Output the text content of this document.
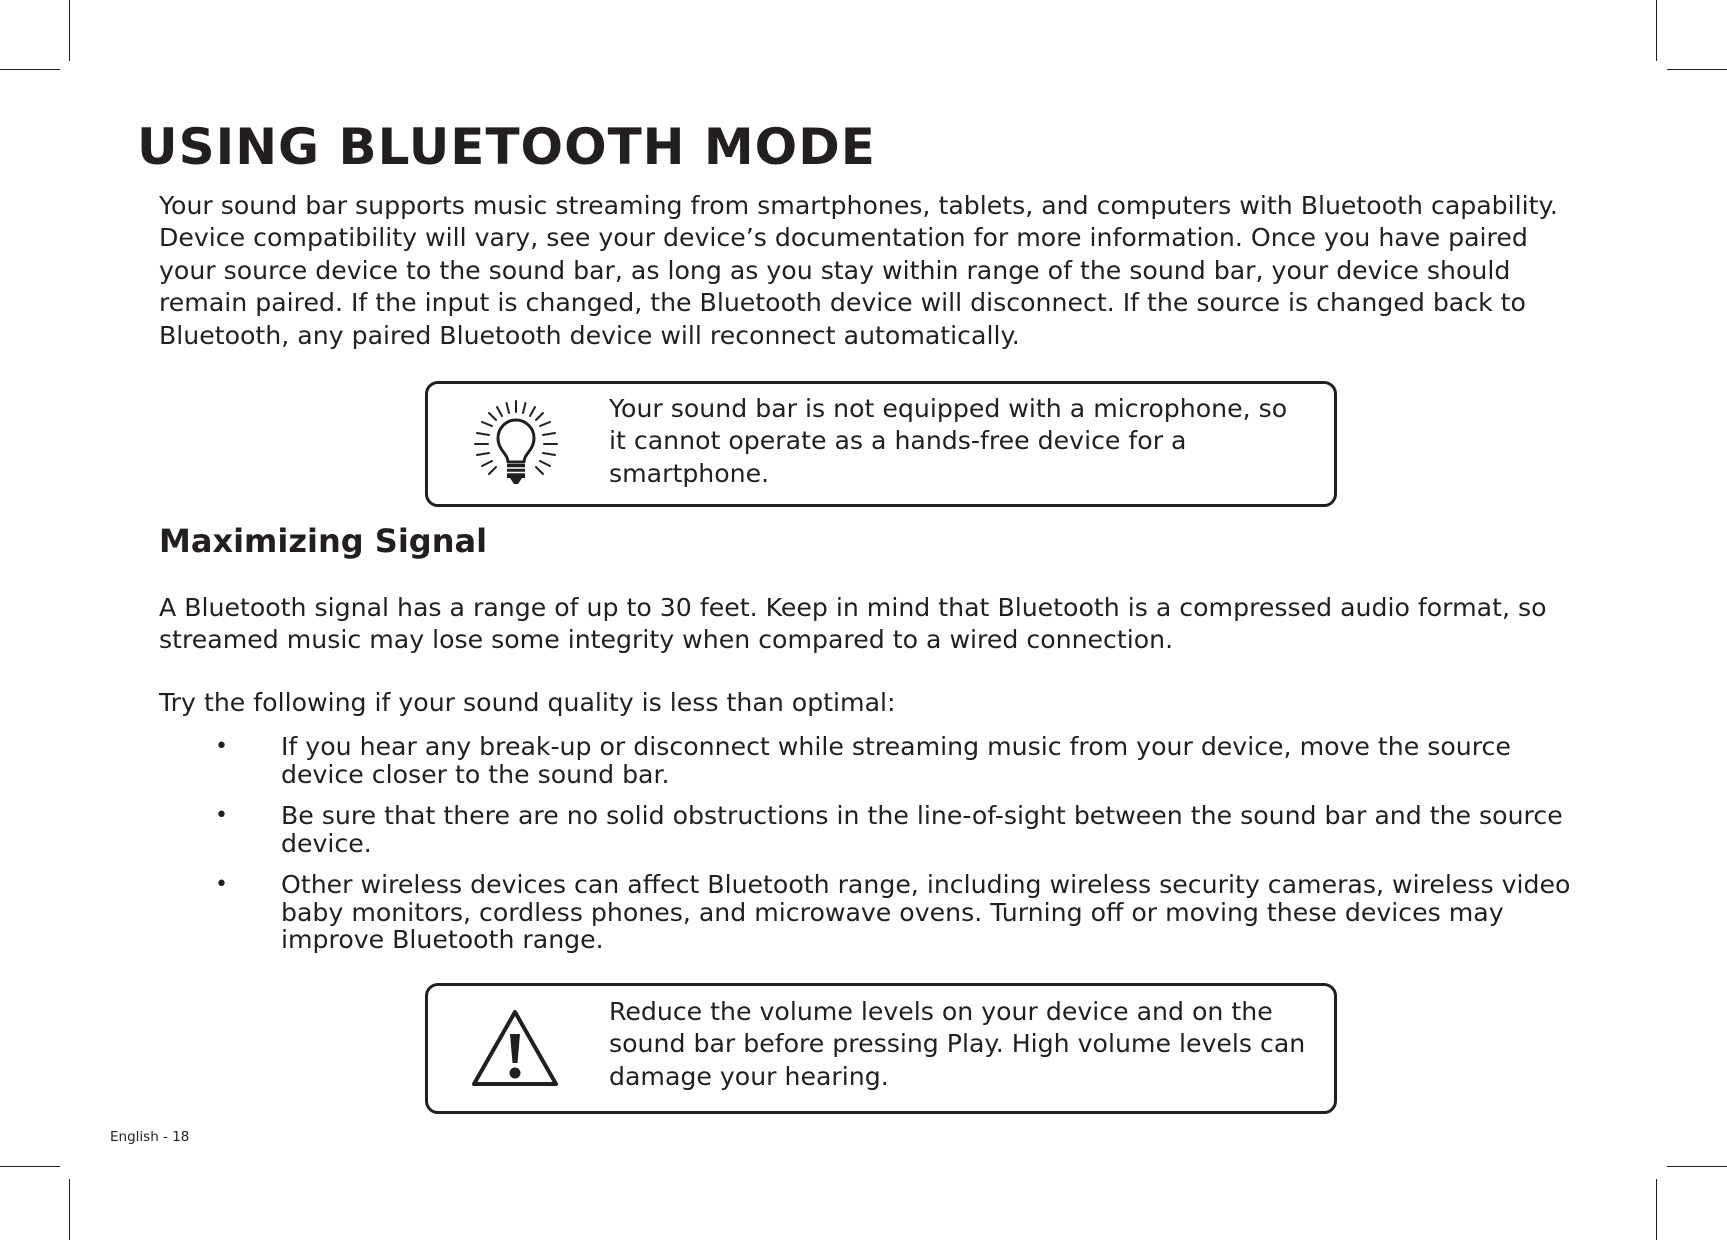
USING BLUETOOTH MODE

Your sound bar supports music streaming from smartphones, tablets, and computers with Bluetooth capability. Device compatibility will vary, see your device’s documentation for more information. Once you have paired your source device to the sound bar, as long as you stay within range of the sound bar, your device should remain paired. If the input is changed, the Bluetooth device will disconnect. If the source is changed back to Bluetooth, any paired Bluetooth device will reconnect automatically.

Your sound bar is not equipped with a microphone, so it cannot operate as a hands-free device for a smartphone.

Maximizing Signal

A Bluetooth signal has a range of up to 30 feet. Keep in mind that Bluetooth is a compressed audio format, so streamed music may lose some integrity when compared to a wired connection.

Try the following if your sound quality is less than optimal:

• If you hear any break-up or disconnect while streaming music from your device, move the source device closer to the sound bar.
• Be sure that there are no solid obstructions in the line-of-sight between the sound bar and the source device.
• Other wireless devices can affect Bluetooth range, including wireless security cameras, wireless video baby monitors, cordless phones, and microwave ovens. Turning off or moving these devices may improve Bluetooth range.

Reduce the volume levels on your device and on the sound bar before pressing Play. High volume levels can damage your hearing.

English - 18
